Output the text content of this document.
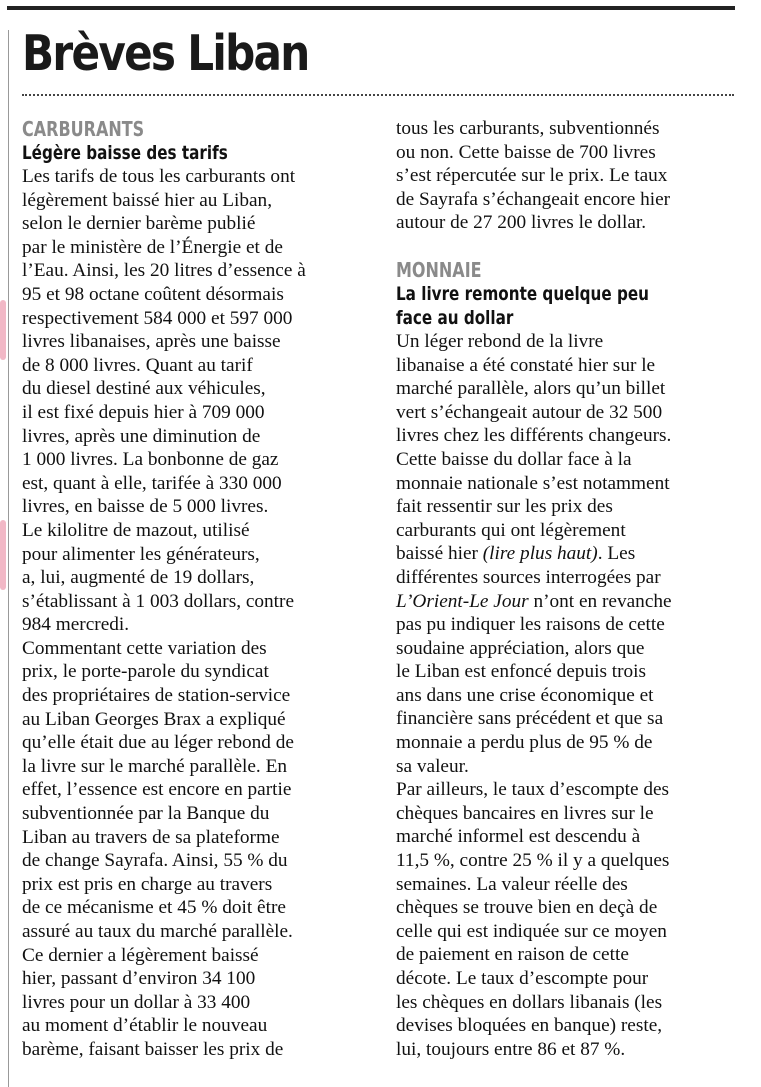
Brèves Liban
CARBURANTS
Légère baisse des tarifs

Les tarifs de tous les carburants ont

légèrement baissé hier au Liban,

selon le dernier barème publié

par le ministère de l’Énergie et de

l’Eau. Ainsi, les 20 litres d’essence à

95 et 98 octane coûtent désormais

respectivement 584 000 et 597 000

livres libanaises, après une baisse

de 8 000 livres. Quant au tarif

du diesel destiné aux véhicules,

il est fixé depuis hier à 709 000

livres, après une diminution de

1 000 livres. La bonbonne de gaz

est, quant à elle, tarifée à 330 000

livres, en baisse de 5 000 livres.

Le kilolitre de mazout, utilisé

pour alimenter les générateurs,

a, lui, augmenté de 19 dollars,

s’établissant à 1 003 dollars, contre

984 mercredi.

Commentant cette variation des

prix, le porte-parole du syndicat

des propriétaires de station-service

au Liban Georges Brax a expliqué

qu’elle était due au léger rebond de

la livre sur le marché parallèle. En

effet, l’essence est encore en partie

subventionnée par la Banque du

Liban au travers de sa plateforme

de change Sayrafa. Ainsi, 55 % du

prix est pris en charge au travers

de ce mécanisme et 45 % doit être

assuré au taux du marché parallèle.

Ce dernier a légèrement baissé

hier, passant d’environ 34 100

livres pour un dollar à 33 400

au moment d’établir le nouveau

barème, faisant baisser les prix de

tous les carburants, subventionnés

ou non. Cette baisse de 700 livres

s’est répercutée sur le prix. Le taux

de Sayrafa s’échangeait encore hier

autour de 27 200 livres le dollar.

MONNAIE
La livre remonte quelque peu
face au dollar

Un léger rebond de la livre

libanaise a été constaté hier sur le

marché parallèle, alors qu’un billet

vert s’échangeait autour de 32 500

livres chez les différents changeurs.

Cette baisse du dollar face à la

monnaie nationale s’est notamment

fait ressentir sur les prix des

carburants qui ont légèrement

baissé hier (lire plus haut). Les

différentes sources interrogées par

L’Orient-Le Jour n’ont en revanche

pas pu indiquer les raisons de cette

soudaine appréciation, alors que

le Liban est enfoncé depuis trois

ans dans une crise économique et

financière sans précédent et que sa

monnaie a perdu plus de 95 % de

sa valeur.

Par ailleurs, le taux d’escompte des

chèques bancaires en livres sur le

marché informel est descendu à

11,5 %, contre 25 % il y a quelques

semaines. La valeur réelle des

chèques se trouve bien en deçà de

celle qui est indiquée sur ce moyen

de paiement en raison de cette

décote. Le taux d’escompte pour

les chèques en dollars libanais (les

devises bloquées en banque) reste,

lui, toujours entre 86 et 87 %.
